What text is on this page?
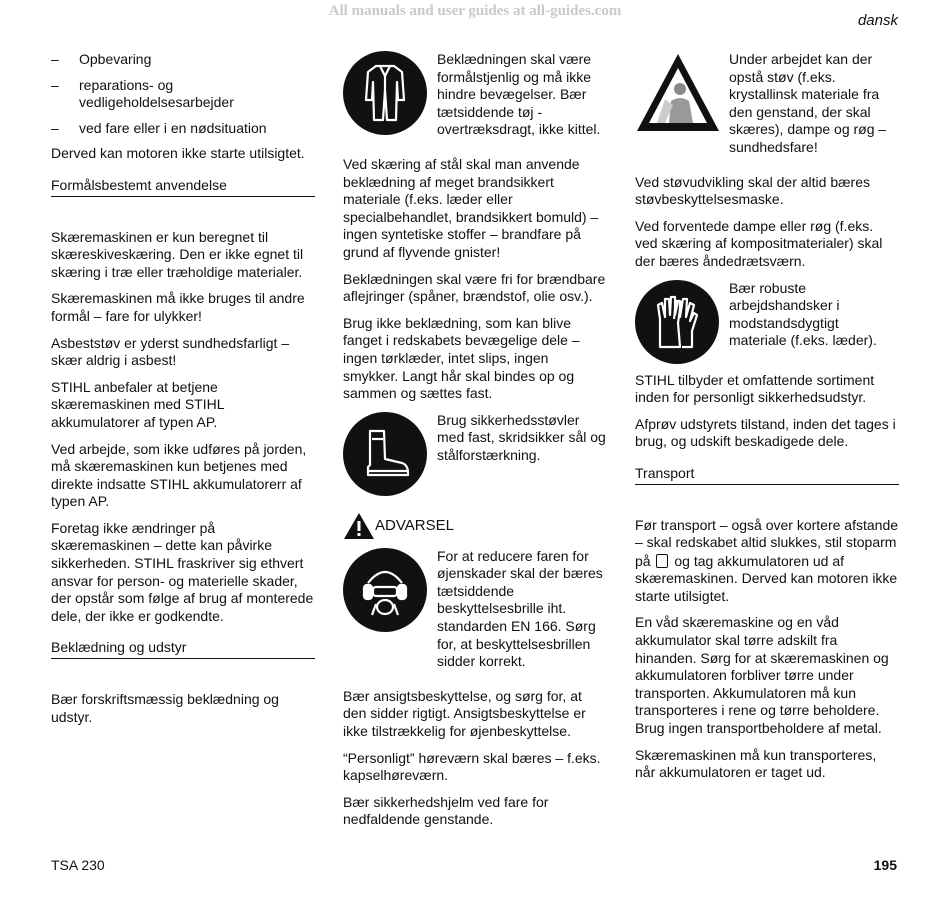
All manuals and user guides at all-guides.com
dansk
–	Opbevaring
–	reparations- og vedligeholdelsesarbejder
–	ved fare eller i en nødsituation

Derved kan motoren ikke starte utilsigtet.

Formålsbestemt anvendelse

Skæremaskinen er kun beregnet til skæreskiveskæring. Den er ikke egnet til skæring i træ eller træholdige materialer.

Skæremaskinen må ikke bruges til andre formål – fare for ulykker!

Asbeststøv er yderst sundhedsfarligt – skær aldrig i asbest!

STIHL anbefaler at betjene skæremaskinen med STIHL akkumulatorer af typen AP.

Ved arbejde, som ikke udføres på jorden, må skæremaskinen kun betjenes med direkte indsatte STIHL akkumulatorerr af typen AP.

Foretag ikke ændringer på skæremaskinen – dette kan påvirke sikkerheden. STIHL fraskriver sig ethvert ansvar for person- og materielle skader, der opstår som følge af brug af monterede dele, der ikke er godkendte.

Beklædning og udstyr

Bær forskriftsmæssig beklædning og udstyr.

Beklædningen skal være formålstjenlig og må ikke hindre bevægelser. Bær tætsiddende tøj - overtræksdragt, ikke kittel.

Ved skæring af stål skal man anvende beklædning af meget brandsikkert materiale (f.eks. læder eller specialbehandlet, brandsikkert bomuld) – ingen syntetiske stoffer – brandfare på grund af flyvende gnister!

Beklædningen skal være fri for brændbare aflejringer (spåner, brændstof, olie osv.).

Brug ikke beklædning, som kan blive fanget i redskabets bevægelige dele – ingen tørklæder, intet slips, ingen smykker. Langt hår skal bindes op og sammen og sættes fast.

Brug sikkerhedsstøvler med fast, skridsikker sål og stålforstærkning.

ADVARSEL

For at reducere faren for øjenskader skal der bæres tætsiddende beskyttelsesbrille iht. standarden EN 166. Sørg for, at beskyttelsesbrillen sidder korrekt.

Bær ansigtsbeskyttelse, og sørg for, at den sidder rigtigt. Ansigtsbeskyttelse er ikke tilstrækkelig for øjenbeskyttelse.

“Personligt” høreværn skal bæres – f.eks. kapselhøreværn.

Bær sikkerhedshjelm ved fare for nedfaldende genstande.

Under arbejdet kan der opstå støv (f.eks. krystallinsk materiale fra den genstand, der skal skæres), dampe og røg – sundhedsfare!

Ved støvudvikling skal der altid bæres støvbeskyttelsesmaske.

Ved forventede dampe eller røg (f.eks. ved skæring af kompositmaterialer) skal der bæres åndedrætsværn.

Bær robuste arbejdshandsker i modstandsdygtigt materiale (f.eks. læder).

STIHL tilbyder et omfattende sortiment inden for personligt sikkerhedsudstyr.

Afprøv udstyrets tilstand, inden det tages i brug, og udskift beskadigede dele.

Transport

Før transport – også over kortere afstande – skal redskabet altid slukkes, stil stoparm på  og tag akkumulatoren ud af skæremaskinen. Derved kan motoren ikke starte utilsigtet.

En våd skæremaskine og en våd akkumulator skal tørre adskilt fra hinanden. Sørg for at skæremaskinen og akkumulatoren forbliver tørre under transporten. Akkumulatoren må kun transporteres i rene og tørre beholdere. Brug ingen transportbeholdere af metal.

Skæremaskinen må kun transporteres, når akkumulatoren er taget ud.

TSA 230	195
